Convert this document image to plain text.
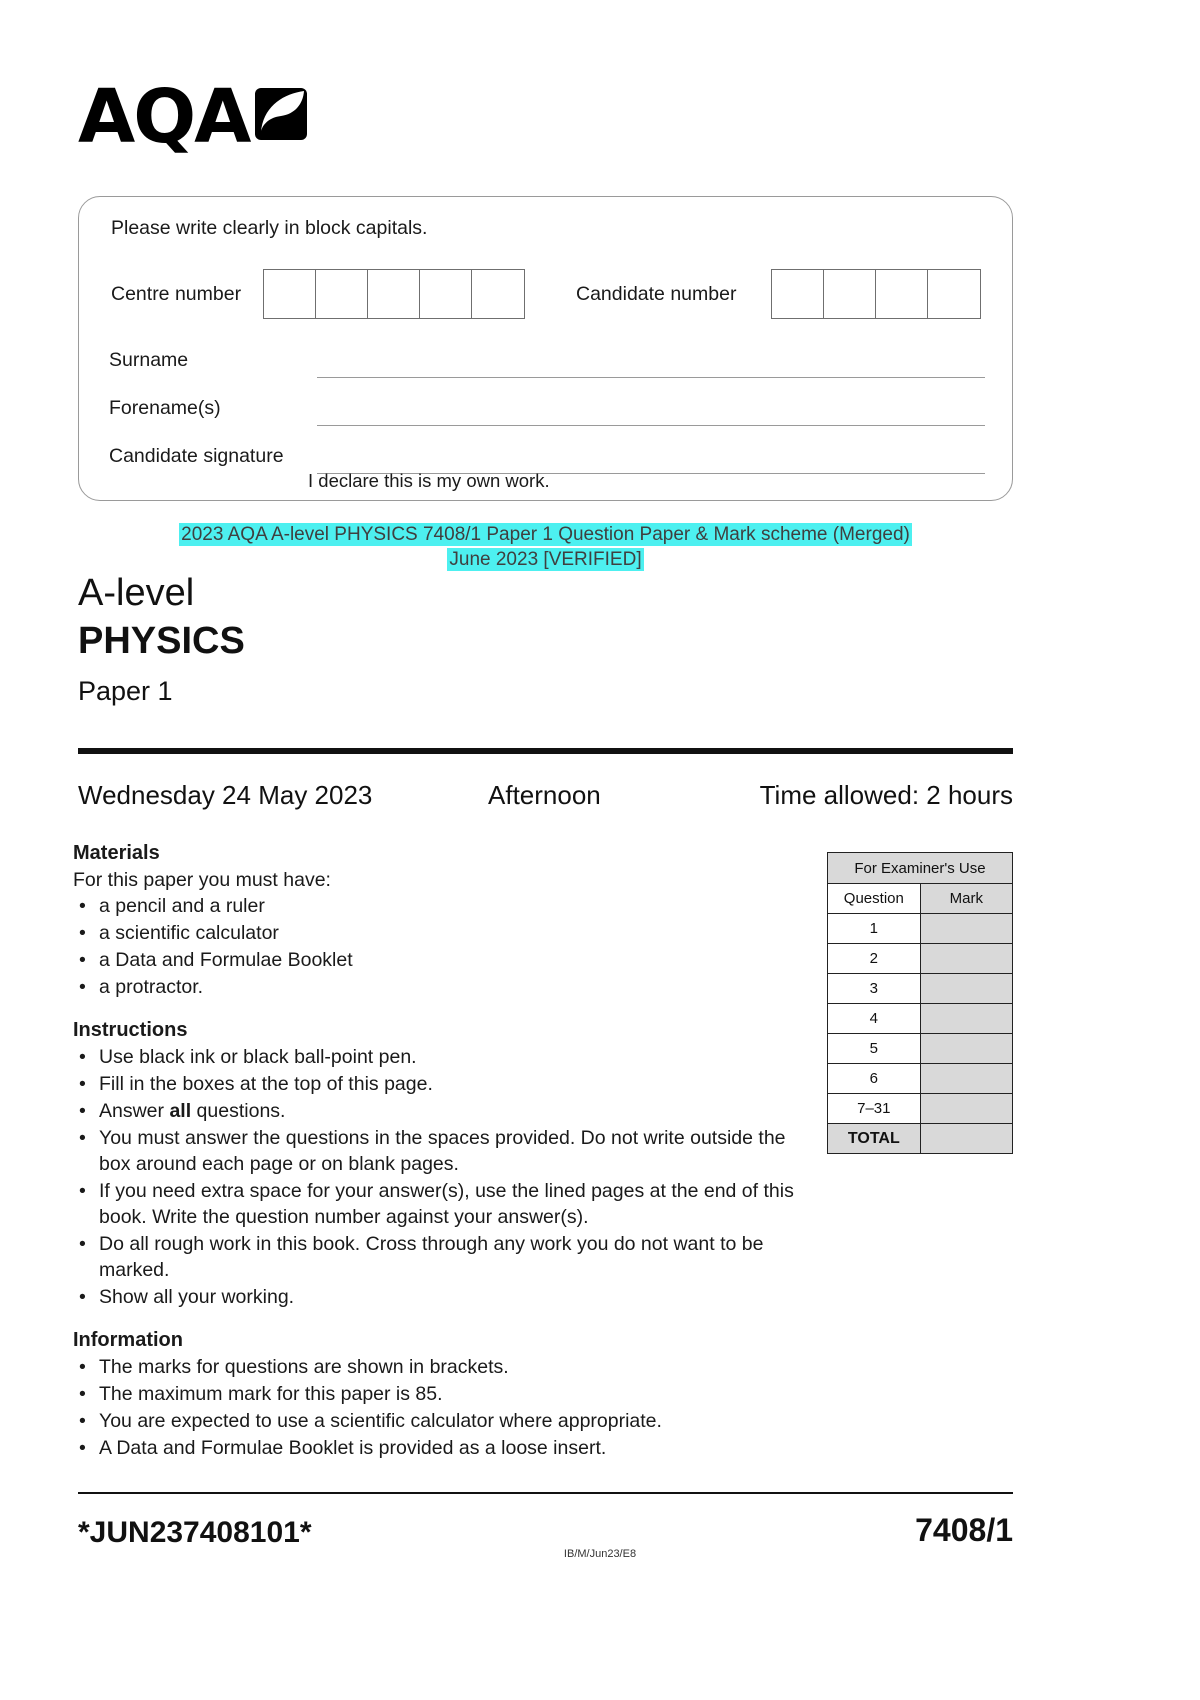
AQA
Please write clearly in block capitals.
Centre number	Candidate number
Surname
Forename(s)
Candidate signature
I declare this is my own work.
2023 AQA A-level PHYSICS 7408/1 Paper 1 Question Paper & Mark scheme (Merged)
June 2023 [VERIFIED]
A-level
PHYSICS
Paper 1
Wednesday 24 May 2023	Afternoon	Time allowed: 2 hours
Materials

For this paper you must have:

• a pencil and a ruler
• a scientific calculator
• a Data and Formulae Booklet
• a protractor.
Instructions
• Use black ink or black ball-point pen.
• Fill in the boxes at the top of this page.
• Answer all questions.
• You must answer the questions in the spaces provided. Do not write outside the box around each page or on blank pages.
• If you need extra space for your answer(s), use the lined pages at the end of this book. Write the question number against your answer(s).
• Do all rough work in this book. Cross through any work you do not want to be marked.
• Show all your working.
Information
• The marks for questions are shown in brackets.
• The maximum mark for this paper is 85.
• You are expected to use a scientific calculator where appropriate.
• A Data and Formulae Booklet is provided as a loose insert.
For Examiner's Use	
Question	Mark
1	
2	
3	
4	
5	
6	
7–31	
TOTAL	
*JUN237408101*	7408/1
IB/M/Jun23/E8
